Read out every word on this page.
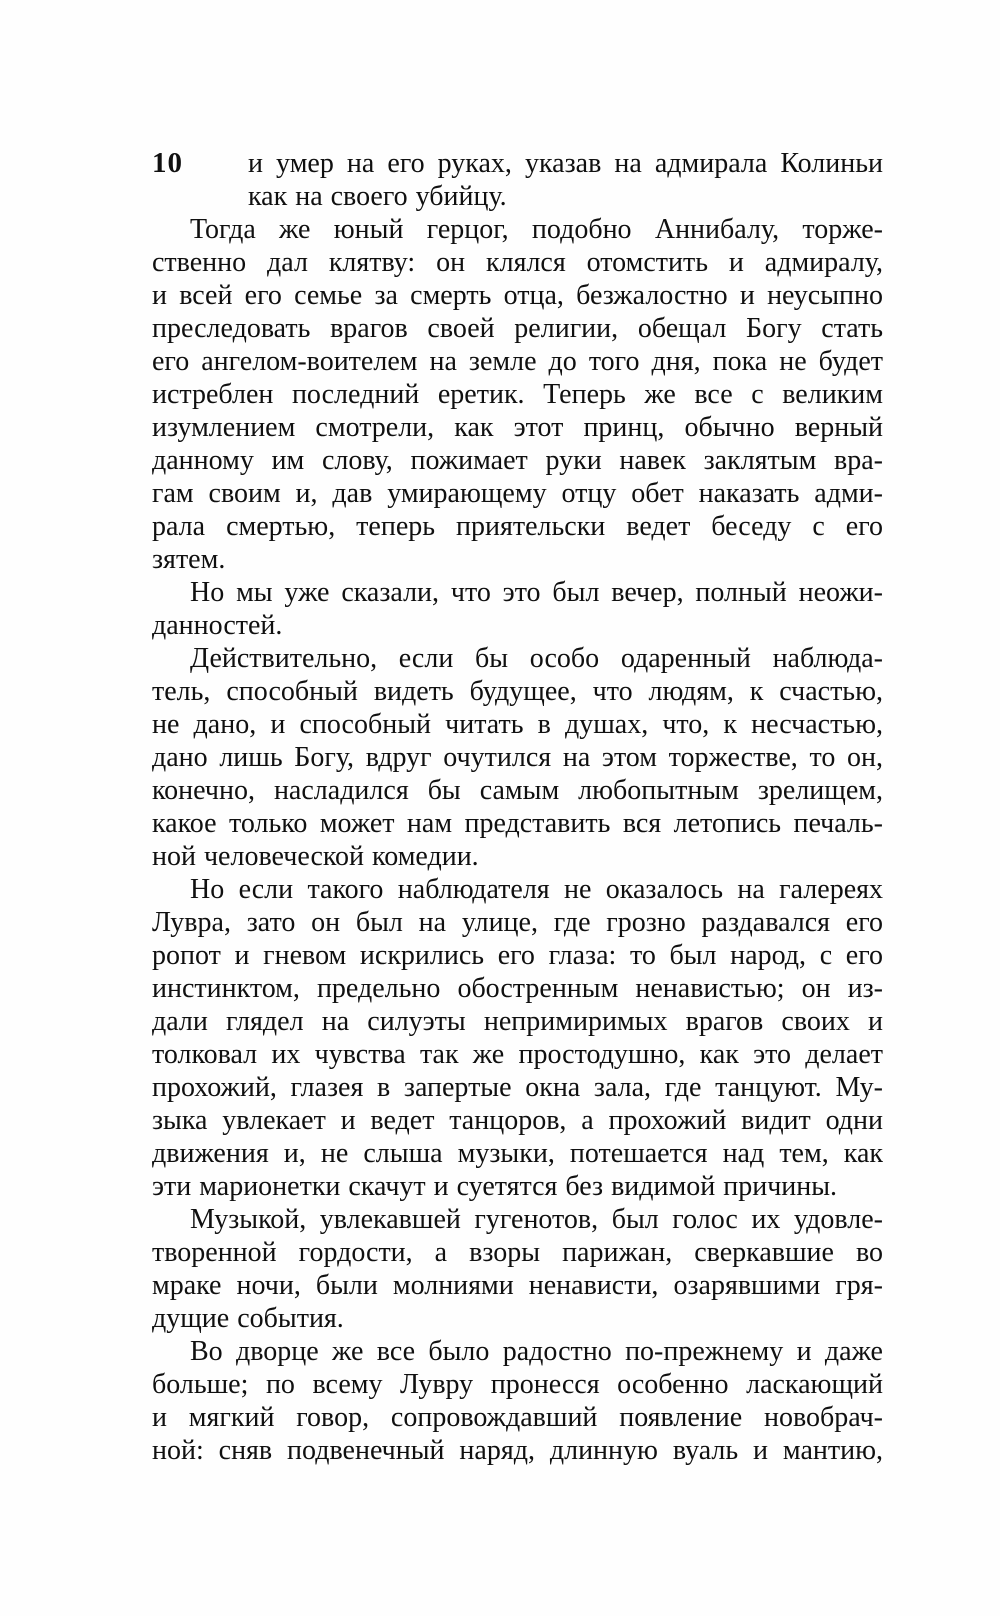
10 и умер на его руках, указав на адмирала Колиньи
как на своего убийцу.
Тогда же юный герцог, подобно Аннибалу, торже-
ственно дал клятву: он клялся отомстить и адмиралу,
и всей его семье за смерть отца, безжалостно и неусыпно
преследовать врагов своей религии, обещал Богу стать
его ангелом-воителем на земле до того дня, пока не будет
истреблен последний еретик. Теперь же все с великим
изумлением смотрели, как этот принц, обычно верный
данному им слову, пожимает руки навек заклятым вра-
гам своим и, дав умирающему отцу обет наказать адми-
рала смертью, теперь приятельски ведет беседу с его
зятем.
Но мы уже сказали, что это был вечер, полный неожи-
данностей.
Действительно, если бы особо одаренный наблюда-
тель, способный видеть будущее, что людям, к счастью,
не дано, и способный читать в душах, что, к несчастью,
дано лишь Богу, вдруг очутился на этом торжестве, то он,
конечно, насладился бы самым любопытным зрелищем,
какое только может нам представить вся летопись печаль-
ной человеческой комедии.
Но если такого наблюдателя не оказалось на галереях
Лувра, зато он был на улице, где грозно раздавался его
ропот и гневом искрились его глаза: то был народ, с его
инстинктом, предельно обостренным ненавистью; он из-
дали глядел на силуэты непримиримых врагов своих и
толковал их чувства так же простодушно, как это делает
прохожий, глазея в запертые окна зала, где танцуют. Му-
зыка увлекает и ведет танцоров, а прохожий видит одни
движения и, не слыша музыки, потешается над тем, как
эти марионетки скачут и суетятся без видимой причины.
Музыкой, увлекавшей гугенотов, был голос их удовле-
творенной гордости, а взоры парижан, сверкавшие во
мраке ночи, были молниями ненависти, озарявшими гря-
дущие события.
Во дворце же все было радостно по-прежнему и даже
больше; по всему Лувру пронесся особенно ласкающий
и мягкий говор, сопровождавший появление новобрач-
ной: сняв подвенечный наряд, длинную вуаль и мантию,
